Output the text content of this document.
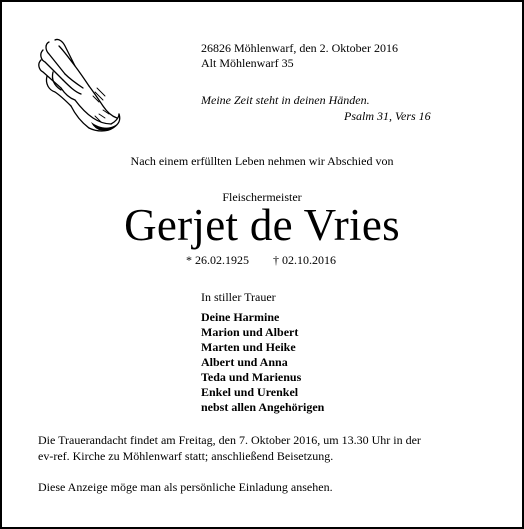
26826 Möhlenwarf, den 2. Oktober 2016
Alt Möhlenwarf 35
Meine Zeit steht in deinen Händen.
Psalm 31, Vers 16
Nach einem erfüllten Leben nehmen wir Abschied von
Fleischermeister
Gerjet de Vries
* 26.02.1925 † 02.10.2016
In stiller Trauer
Deine Harmine
Marion und Albert
Marten und Heike
Albert und Anna
Teda und Marienus
Enkel und Urenkel
nebst allen Angehörigen
Die Trauerandacht findet am Freitag, den 7. Oktober 2016, um 13.30 Uhr in der
ev-ref. Kirche zu Möhlenwarf statt; anschließend Beisetzung.
Diese Anzeige möge man als persönliche Einladung ansehen.
